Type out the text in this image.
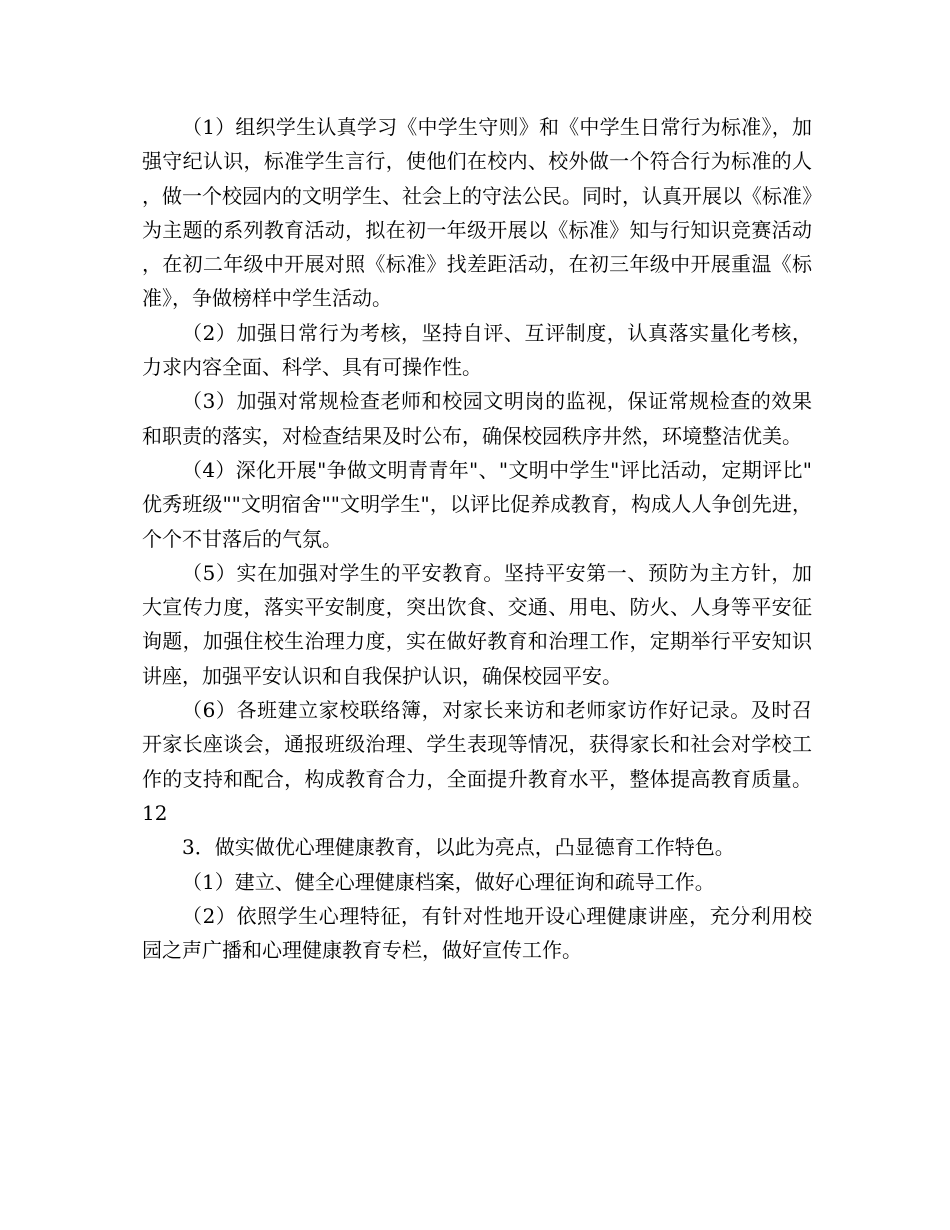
（1）组织学生认真学习《中学生守则》和《中学生日常行为标准》，加强守纪认识，标准学生言行，使他们在校内、校外做一个符合行为标准的人，做一个校园内的文明学生、社会上的守法公民。同时，认真开展以《标准》为主题的系列教育活动，拟在初一年级开展以《标准》知与行知识竞赛活动，在初二年级中开展对照《标准》找差距活动，在初三年级中开展重温《标准》，争做榜样中学生活动。

（2）加强日常行为考核，坚持自评、互评制度，认真落实量化考核，力求内容全面、科学、具有可操作性。

（3）加强对常规检查老师和校园文明岗的监视，保证常规检查的效果和职责的落实，对检查结果及时公布，确保校园秩序井然，环境整洁优美。

（4）深化开展"争做文明青青年"、"文明中学生"评比活动，定期评比"优秀班级""文明宿舍""文明学生"，以评比促养成教育，构成人人争创先进，个个不甘落后的气氛。

（5）实在加强对学生的平安教育。坚持平安第一、预防为主方针，加大宣传力度，落实平安制度，突出饮食、交通、用电、防火、人身等平安征询题，加强住校生治理力度，实在做好教育和治理工作，定期举行平安知识讲座，加强平安认识和自我保护认识，确保校园平安。

（6）各班建立家校联络簿，对家长来访和老师家访作好记录。及时召开家长座谈会，通报班级治理、学生表现等情况，获得家长和社会对学校工作的支持和配合，构成教育合力，全面提升教育水平，整体提高教育质量。12

3．做实做优心理健康教育，以此为亮点，凸显德育工作特色。

（1）建立、健全心理健康档案，做好心理征询和疏导工作。

（2）依照学生心理特征，有针对性地开设心理健康讲座，充分利用校园之声广播和心理健康教育专栏，做好宣传工作。
